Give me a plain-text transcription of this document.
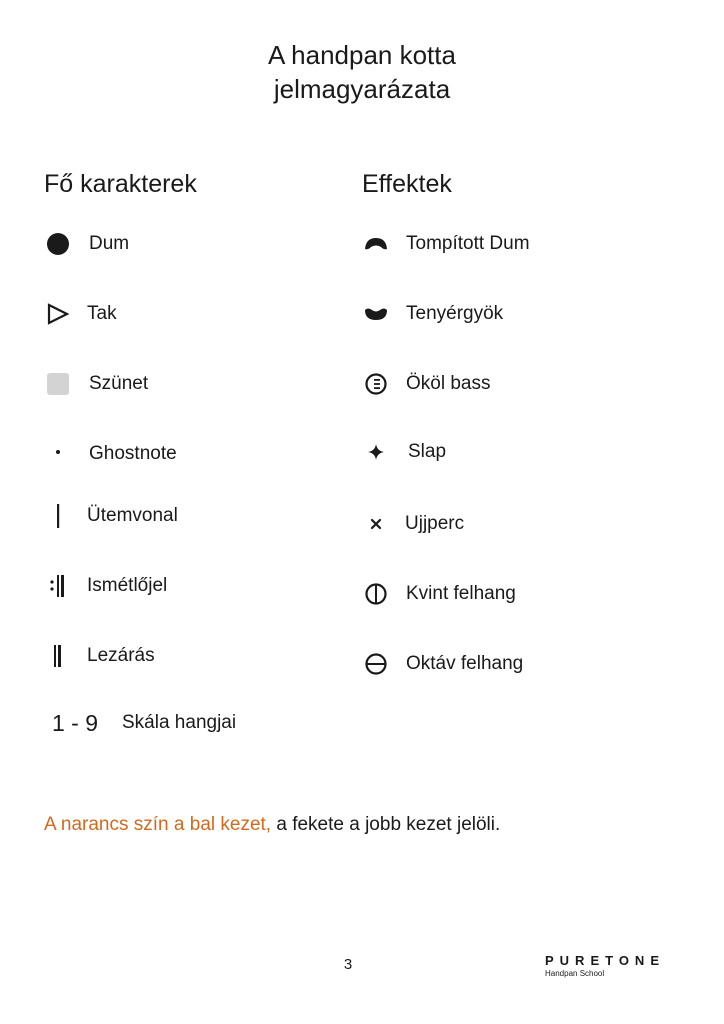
A handpan kotta
jelmagyarázata
Fő karakterek	Effektek
Dum
Tak
Szünet
Ghostnote
Ütemvonal
Ismétlőjel
Lezárás
1 - 9 Skála hangjai
Tompított Dum
Tenyérgyök
Ököl bass
Slap
Ujjperc
Kvint felhang
Oktáv felhang
A narancs szín a bal kezet, a fekete a jobb kezet jelöli.
3	PURETONE
Handpan School
